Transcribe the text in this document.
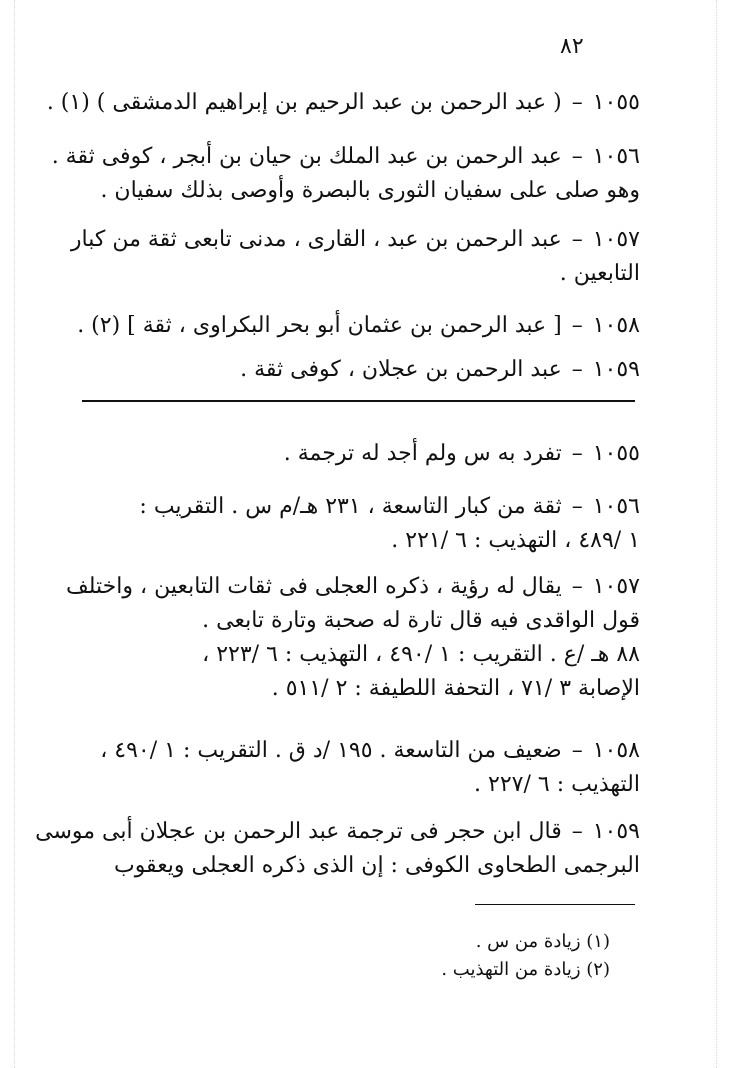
٨٢
( عبد الرحمن بن عبد الرحيم بن إبراهيم الدمشقى ) (١) . – ١٠٥٥
عبد الرحمن بن عبد الملك بن حيان بن أبجر ، كوفى ثقة . – ١٠٥٦
وهو صلى على سفيان الثورى بالبصرة وأوصى بذلك سفيان .
عبد الرحمن بن عبد ، القارى ، مدنى تابعى ثقة من كبار – ١٠٥٧
التابعين .
[ عبد الرحمن بن عثمان أبو بحر البكراوى ، ثقة ] (٢) . – ١٠٥٨
عبد الرحمن بن عجلان ، كوفى ثقة . – ١٠٥٩
تفرد به س ولم أجد له ترجمة . – ١٠٥٥
ثقة من كبار التاسعة ، ٢٣١ هـ/م س . التقريب : – ١٠٥٦
١ /٤٨٩ ، التهذيب : ٦ /٢٢١ .
يقال له رؤية ، ذكره العجلى فى ثقات التابعين ، واختلف – ١٠٥٧
قول الواقدى فيه قال تارة له صحبة وتارة تابعى .
٨٨ هـ /ع . التقريب : ١ /٤٩٠ ، التهذيب : ٦ /٢٢٣ ،
الإصابة ٣ /٧١ ، التحفة اللطيفة : ٢ /٥١١ .
ضعيف من التاسعة . ١٩٥ /د ق . التقريب : ١ /٤٩٠ ، – ١٠٥٨
التهذيب : ٦ /٢٢٧ .
قال ابن حجر فى ترجمة عبد الرحمن بن عجلان أبى موسى – ١٠٥٩
البرجمى الطحاوى الكوفى : إن الذى ذكره العجلى ويعقوب
(١) زيادة من س .
(٢) زيادة من التهذيب .
